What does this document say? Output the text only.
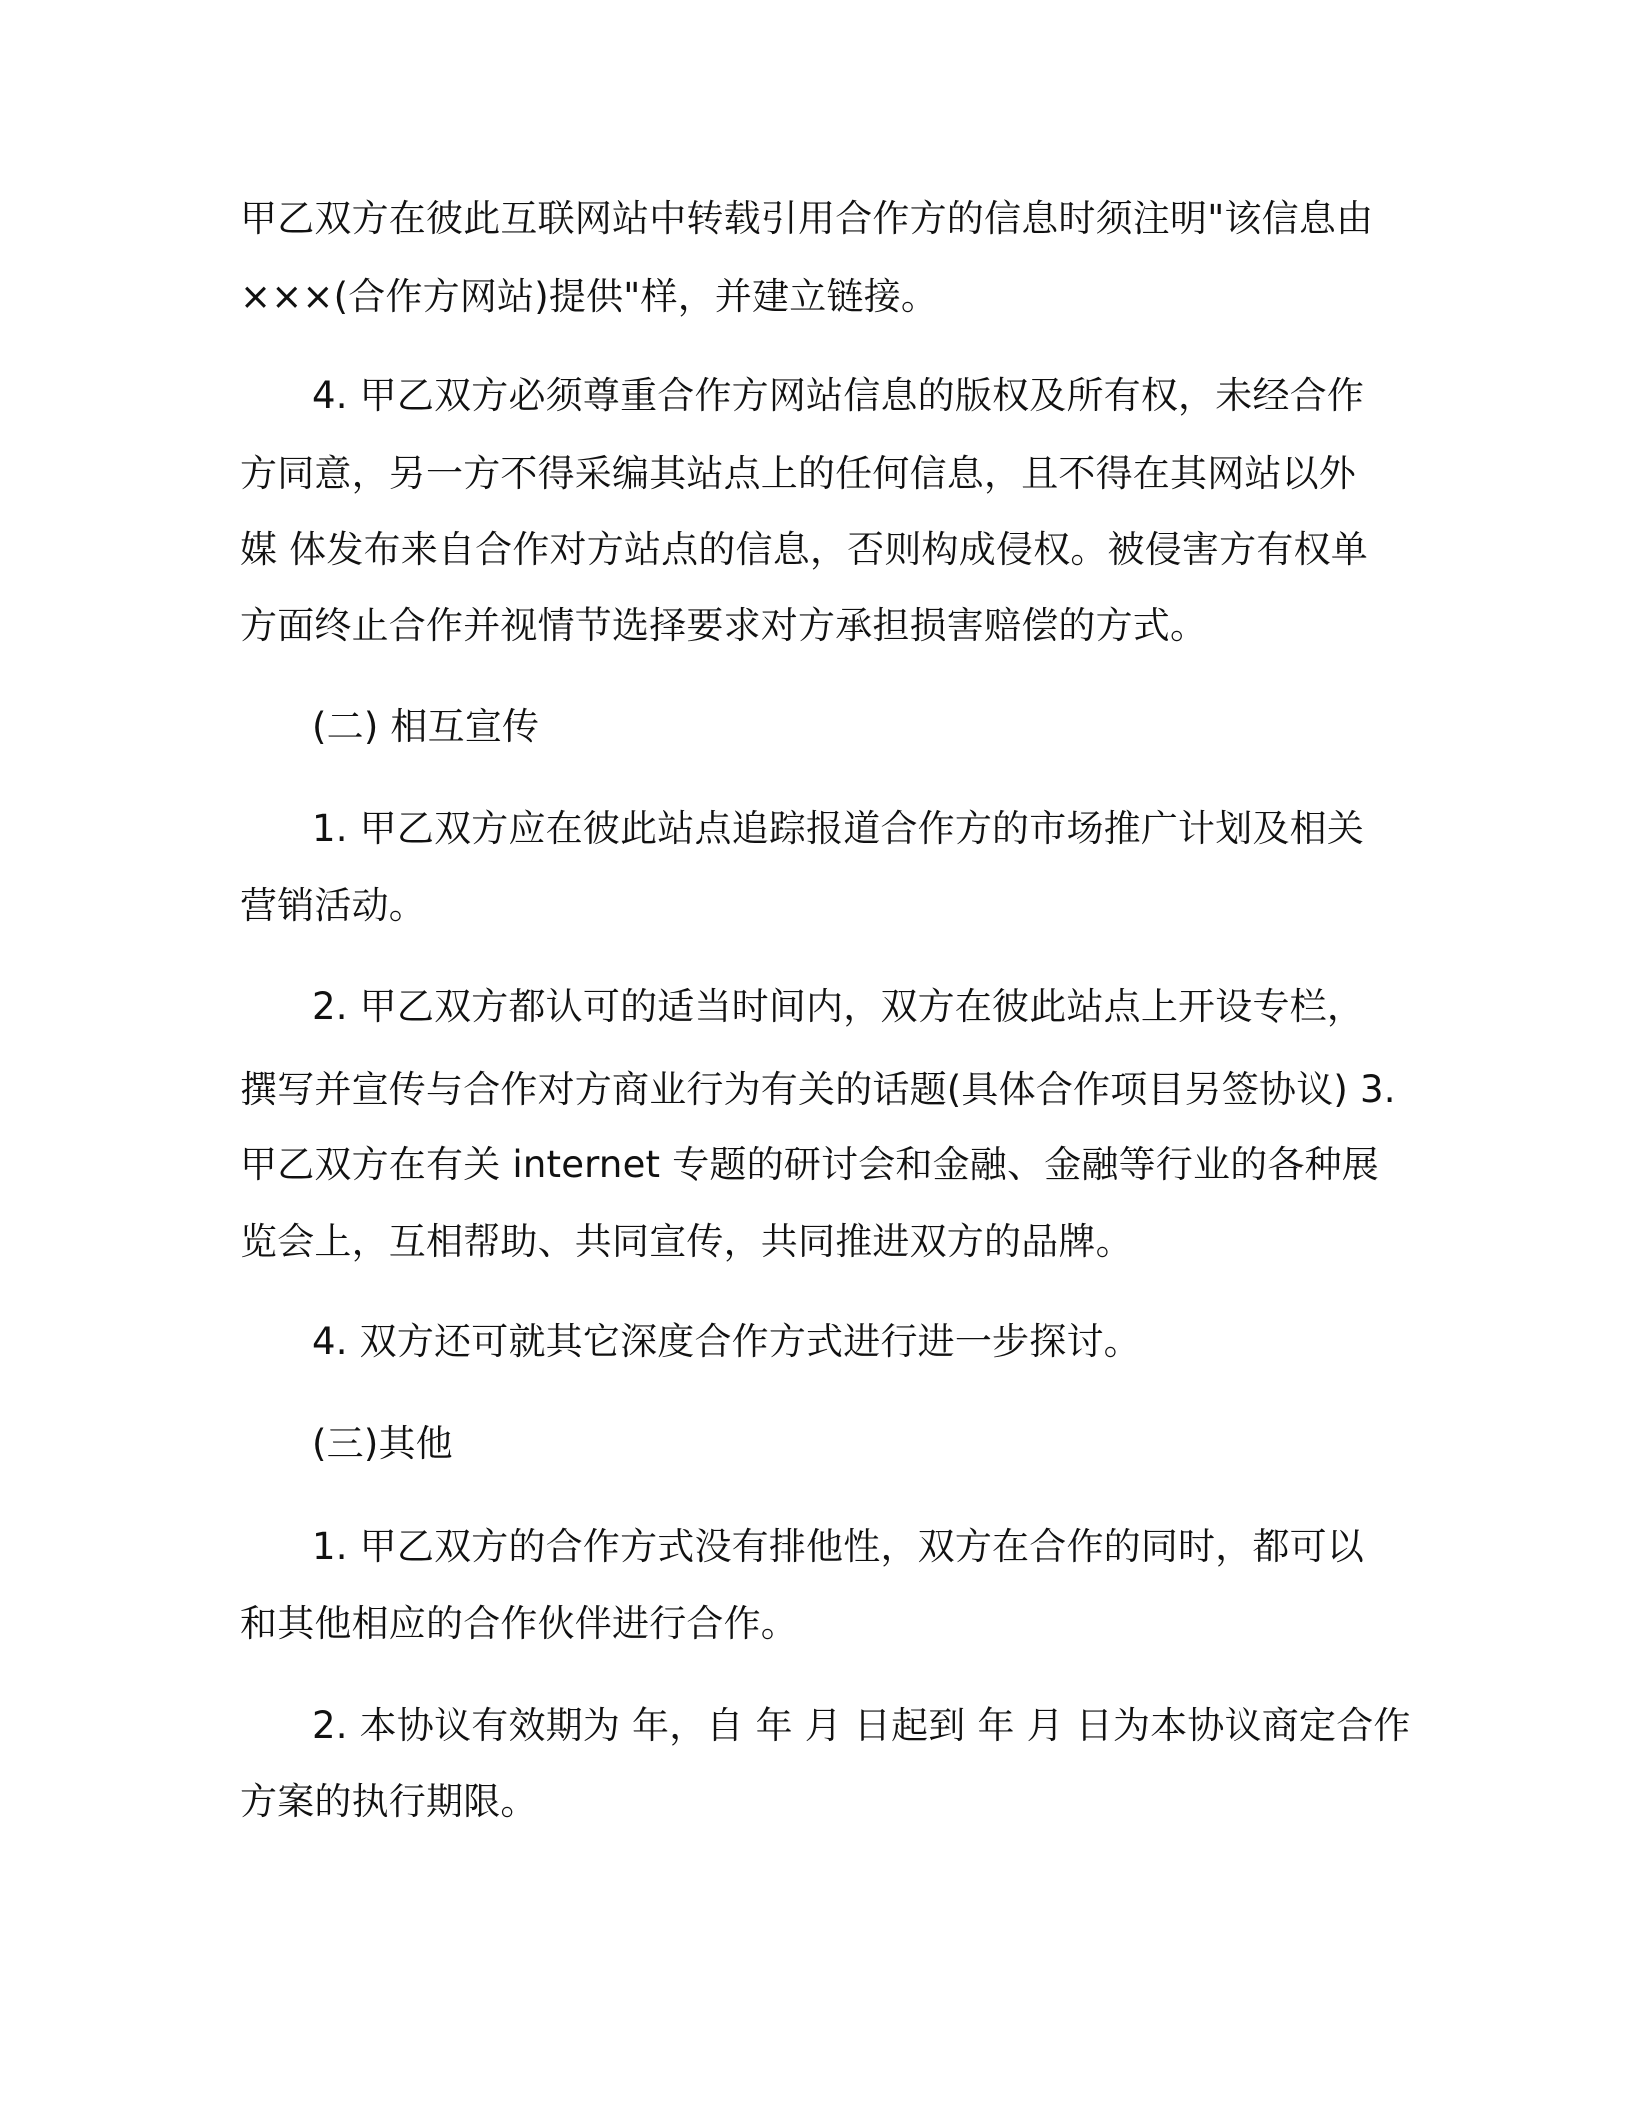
甲乙双方在彼此互联网站中转载引用合作方的信息时须注明"该信息由
×××(合作方网站)提供"样，并建立链接。
4. 甲乙双方必须尊重合作方网站信息的版权及所有权，未经合作
方同意，另一方不得采编其站点上的任何信息，且不得在其网站以外
媒 体发布来自合作对方站点的信息，否则构成侵权。被侵害方有权单
方面终止合作并视情节选择要求对方承担损害赔偿的方式。
(二) 相互宣传
1. 甲乙双方应在彼此站点追踪报道合作方的市场推广计划及相关
营销活动。
2. 甲乙双方都认可的适当时间内，双方在彼此站点上开设专栏，
撰写并宣传与合作对方商业行为有关的话题(具体合作项目另签协议) 3.
甲乙双方在有关 internet 专题的研讨会和金融、金融等行业的各种展
览会上，互相帮助、共同宣传，共同推进双方的品牌。
4. 双方还可就其它深度合作方式进行进一步探讨。
(三)其他
1. 甲乙双方的合作方式没有排他性，双方在合作的同时，都可以
和其他相应的合作伙伴进行合作。
2. 本协议有效期为 年，自 年 月 日起到 年 月 日为本协议商定合作
方案的执行期限。
